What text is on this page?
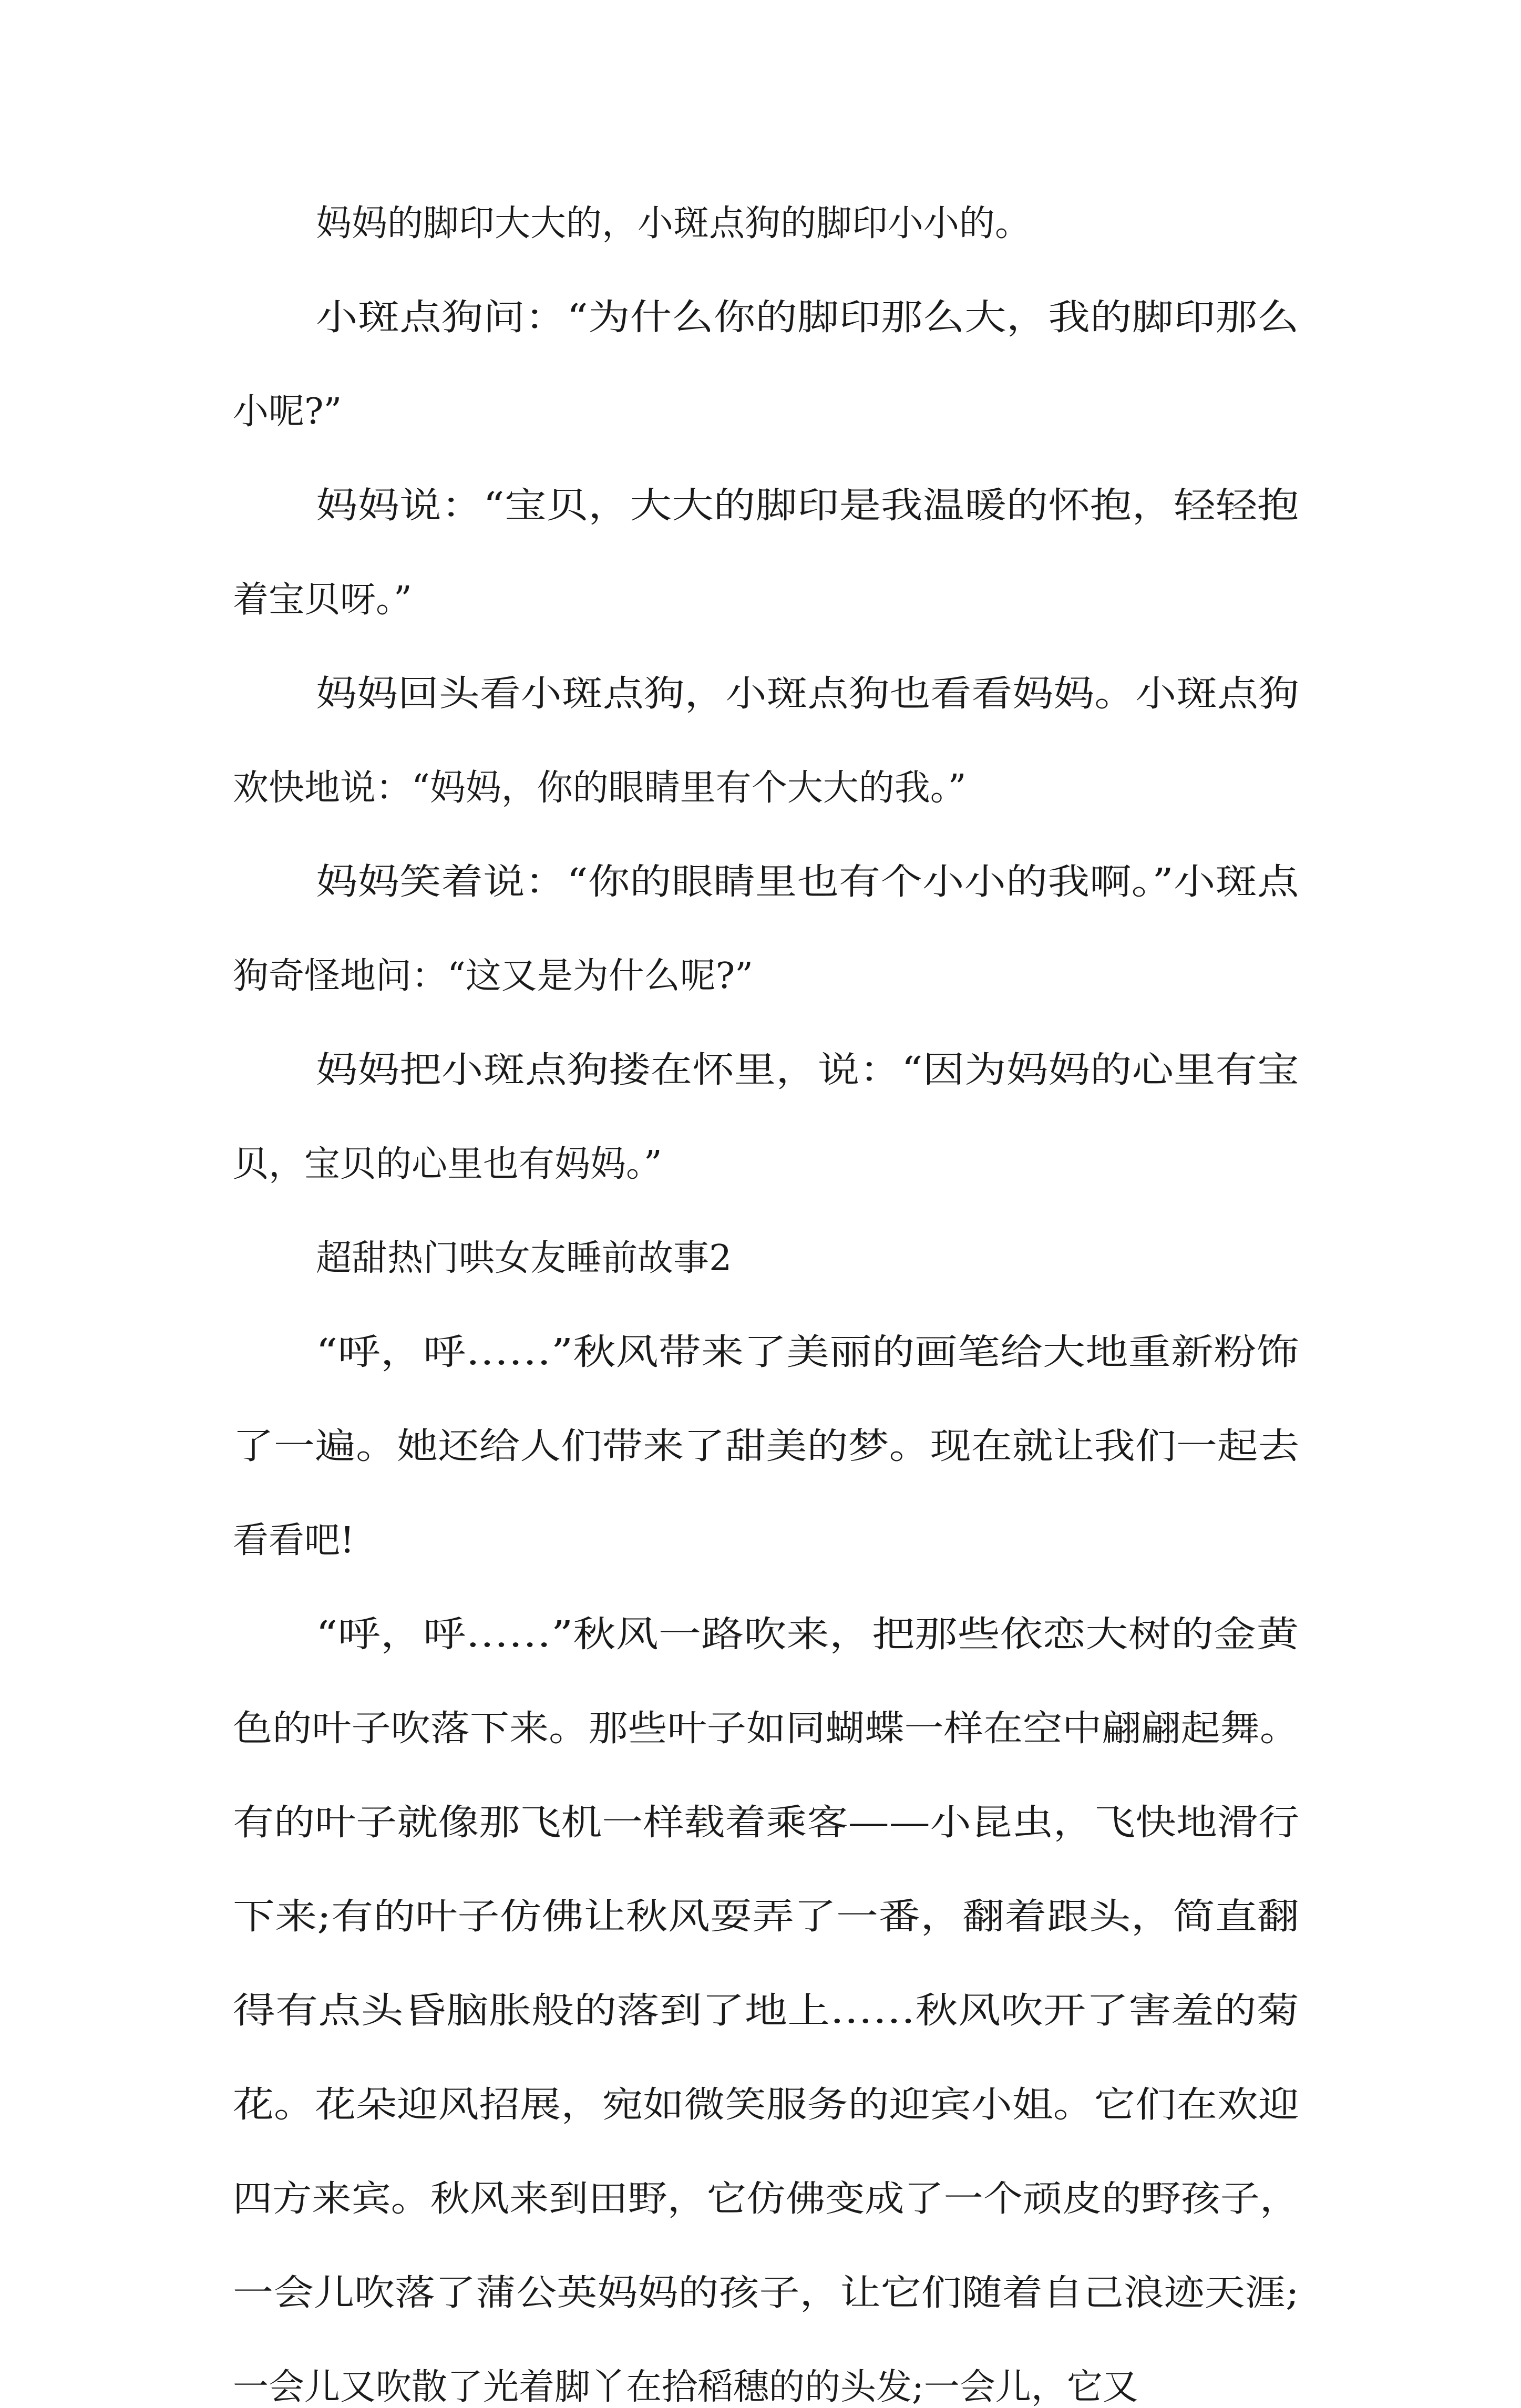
妈妈的脚印大大的，小斑点狗的脚印小小的。

小斑点狗问：“为什么你的脚印那么大，我的脚印那么

小呢?”

妈妈说：“宝贝，大大的脚印是我温暖的怀抱，轻轻抱

着宝贝呀。”

妈妈回头看小斑点狗，小斑点狗也看看妈妈。小斑点狗

欢快地说：“妈妈，你的眼睛里有个大大的我。”

妈妈笑着说：“你的眼睛里也有个小小的我啊。”小斑点

狗奇怪地问：“这又是为什么呢?”

妈妈把小斑点狗搂在怀里，说：“因为妈妈的心里有宝

贝，宝贝的心里也有妈妈。”

超甜热门哄女友睡前故事2

“呼，呼……”秋风带来了美丽的画笔给大地重新粉饰

了一遍。她还给人们带来了甜美的梦。现在就让我们一起去

看看吧!

“呼，呼……”秋风一路吹来，把那些依恋大树的金黄

色的叶子吹落下来。那些叶子如同蝴蝶一样在空中翩翩起舞。

有的叶子就像那飞机一样载着乘客——小昆虫，飞快地滑行

下来;有的叶子仿佛让秋风耍弄了一番，翻着跟头，简直翻

得有点头昏脑胀般的落到了地上……秋风吹开了害羞的菊

花。花朵迎风招展，宛如微笑服务的迎宾小姐。它们在欢迎

四方来宾。秋风来到田野，它仿佛变成了一个顽皮的野孩子，

一会儿吹落了蒲公英妈妈的孩子，让它们随着自己浪迹天涯;

一会儿又吹散了光着脚丫在拾稻穗的的头发;一会儿，它又
